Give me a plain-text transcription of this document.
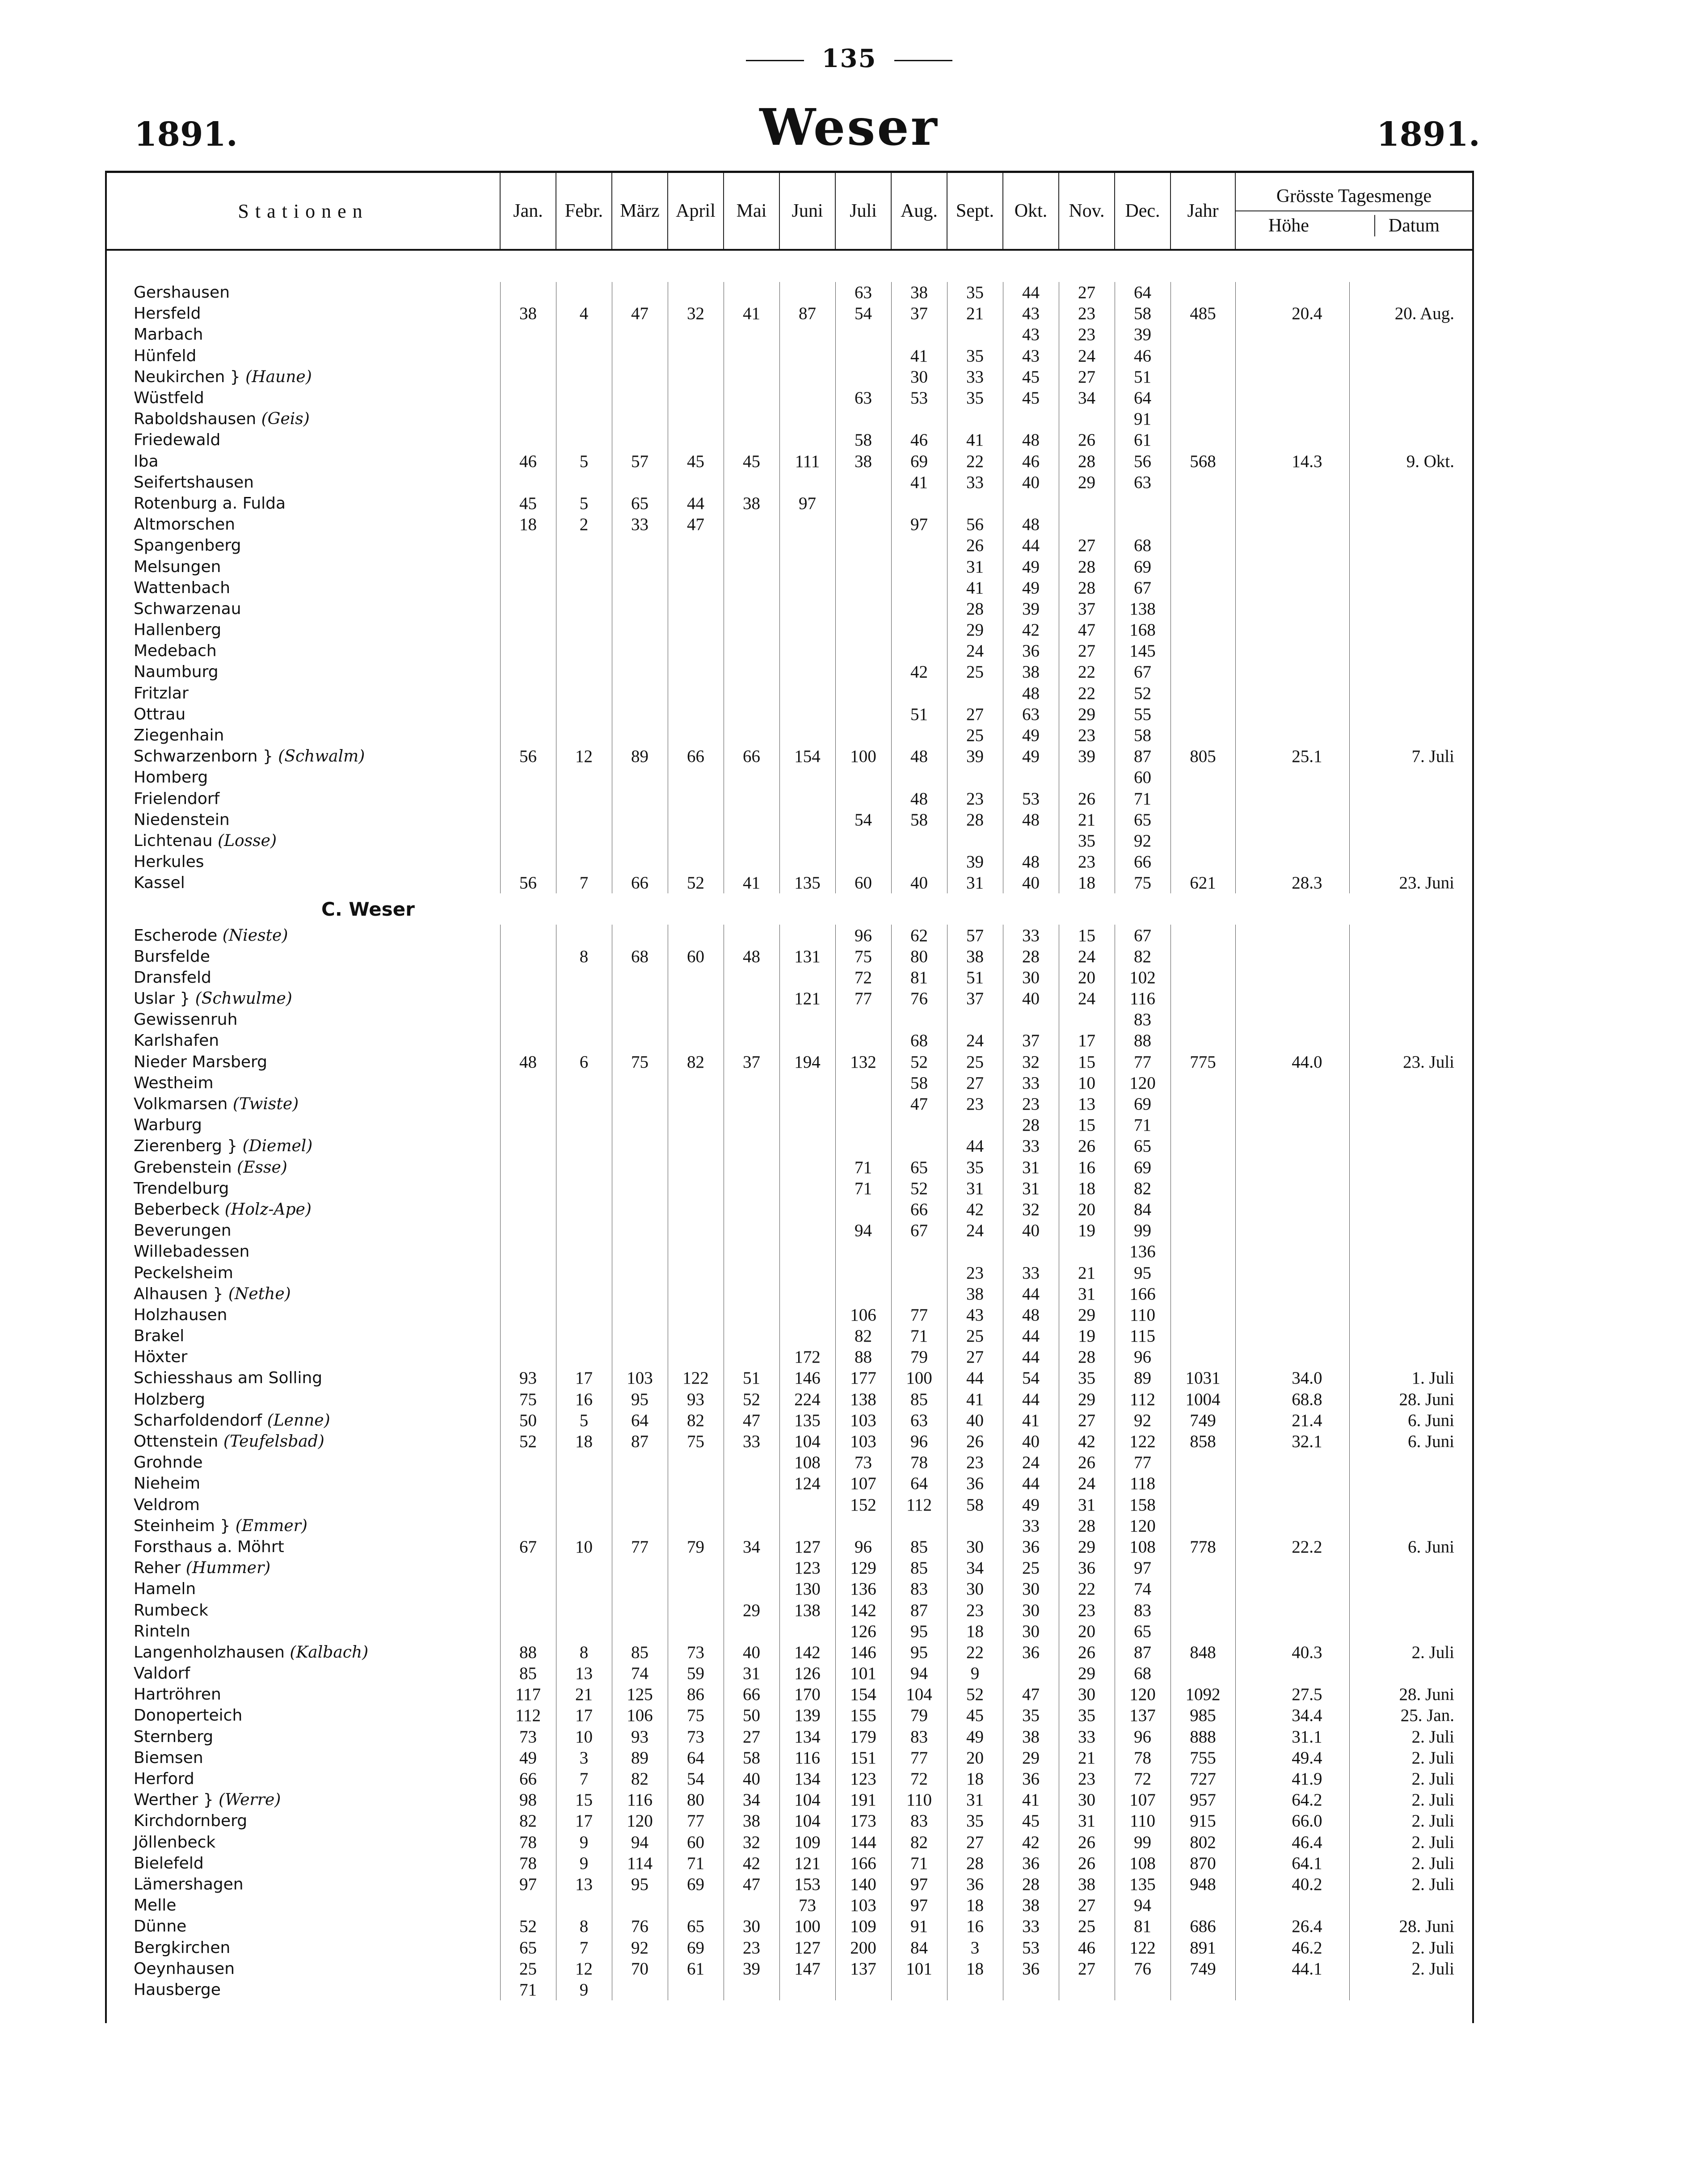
135
1891.	Weser	1891.
Stationen	Jan.	Febr.	März	April	Mai	Juni	Juli	Aug.	Sept.	Okt.	Nov.	Dec.	Jahr	Grösste Tagesmenge
Höhe Datum	

Gershausen							63	38	35	44	27	64			
Hersfeld	38	4	47	32	41	87	54	37	21	43	23	58	485	20.4	20. Aug.
Marbach										43	23	39			
Hünfeld								41	35	43	24	46			
Neukirchen } (Haune)								30	33	45	27	51			
Wüstfeld							63	53	35	45	34	64			
Raboldshausen (Geis)												91			
Friedewald							58	46	41	48	26	61			
Iba	46	5	57	45	45	111	38	69	22	46	28	56	568	14.3	9. Okt.
Seifertshausen								41	33	40	29	63			
Rotenburg a. Fulda	45	5	65	44	38	97									
Altmorschen	18	2	33	47				97	56	48					
Spangenberg									26	44	27	68			
Melsungen									31	49	28	69			
Wattenbach									41	49	28	67			
Schwarzenau									28	39	37	138			
Hallenberg									29	42	47	168			
Medebach									24	36	27	145			
Naumburg								42	25	38	22	67			
Fritzlar										48	22	52			
Ottrau								51	27	63	29	55			
Ziegenhain									25	49	23	58			
Schwarzenborn } (Schwalm)	56	12	89	66	66	154	100	48	39	49	39	87	805	25.1	7. Juli
Homberg												60			
Frielendorf								48	23	53	26	71			
Niedenstein							54	58	28	48	21	65			
Lichtenau (Losse)											35	92			
Herkules									39	48	23	66			
Kassel	56	7	66	52	41	135	60	40	31	40	18	75	621	28.3	23. Juni
C. Weser															
Escherode (Nieste)							96	62	57	33	15	67			
Bursfelde		8	68	60	48	131	75	80	38	28	24	82			
Dransfeld							72	81	51	30	20	102			
Uslar } (Schwulme)						121	77	76	37	40	24	116			
Gewissenruh												83			
Karlshafen								68	24	37	17	88			
Nieder Marsberg	48	6	75	82	37	194	132	52	25	32	15	77	775	44.0	23. Juli
Westheim								58	27	33	10	120			
Volkmarsen (Twiste)								47	23	23	13	69			
Warburg										28	15	71			
Zierenberg } (Diemel)									44	33	26	65			
Grebenstein (Esse)							71	65	35	31	16	69			
Trendelburg							71	52	31	31	18	82			
Beberbeck (Holz-Ape)								66	42	32	20	84			
Beverungen							94	67	24	40	19	99			
Willebadessen												136			
Peckelsheim									23	33	21	95			
Alhausen } (Nethe)									38	44	31	166			
Holzhausen							106	77	43	48	29	110			
Brakel							82	71	25	44	19	115			
Höxter						172	88	79	27	44	28	96			
Schiesshaus am Solling	93	17	103	122	51	146	177	100	44	54	35	89	1031	34.0	1. Juli
Holzberg	75	16	95	93	52	224	138	85	41	44	29	112	1004	68.8	28. Juni
Scharfoldendorf (Lenne)	50	5	64	82	47	135	103	63	40	41	27	92	749	21.4	6. Juni
Ottenstein (Teufelsbad)	52	18	87	75	33	104	103	96	26	40	42	122	858	32.1	6. Juni
Grohnde						108	73	78	23	24	26	77			
Nieheim						124	107	64	36	44	24	118			
Veldrom							152	112	58	49	31	158			
Steinheim } (Emmer)										33	28	120			
Forsthaus a. Möhrt	67	10	77	79	34	127	96	85	30	36	29	108	778	22.2	6. Juni
Reher (Hummer)						123	129	85	34	25	36	97			
Hameln						130	136	83	30	30	22	74			
Rumbeck					29	138	142	87	23	30	23	83			
Rinteln							126	95	18	30	20	65			
Langenholzhausen (Kalbach)	88	8	85	73	40	142	146	95	22	36	26	87	848	40.3	2. Juli
Valdorf	85	13	74	59	31	126	101	94	9		29	68			
Hartröhren	117	21	125	86	66	170	154	104	52	47	30	120	1092	27.5	28. Juni
Donoperteich	112	17	106	75	50	139	155	79	45	35	35	137	985	34.4	25. Jan.
Sternberg	73	10	93	73	27	134	179	83	49	38	33	96	888	31.1	2. Juli
Biemsen	49	3	89	64	58	116	151	77	20	29	21	78	755	49.4	2. Juli
Herford	66	7	82	54	40	134	123	72	18	36	23	72	727	41.9	2. Juli
Werther } (Werre)	98	15	116	80	34	104	191	110	31	41	30	107	957	64.2	2. Juli
Kirchdornberg	82	17	120	77	38	104	173	83	35	45	31	110	915	66.0	2. Juli
Jöllenbeck	78	9	94	60	32	109	144	82	27	42	26	99	802	46.4	2. Juli
Bielefeld	78	9	114	71	42	121	166	71	28	36	26	108	870	64.1	2. Juli
Lämershagen	97	13	95	69	47	153	140	97	36	28	38	135	948	40.2	2. Juli
Melle						73	103	97	18	38	27	94			
Dünne	52	8	76	65	30	100	109	91	16	33	25	81	686	26.4	28. Juni
Bergkirchen	65	7	92	69	23	127	200	84	3	53	46	122	891	46.2	2. Juli
Oeynhausen	25	12	70	61	39	147	137	101	18	36	27	76	749	44.1	2. Juli
Hausberge	71	9													
